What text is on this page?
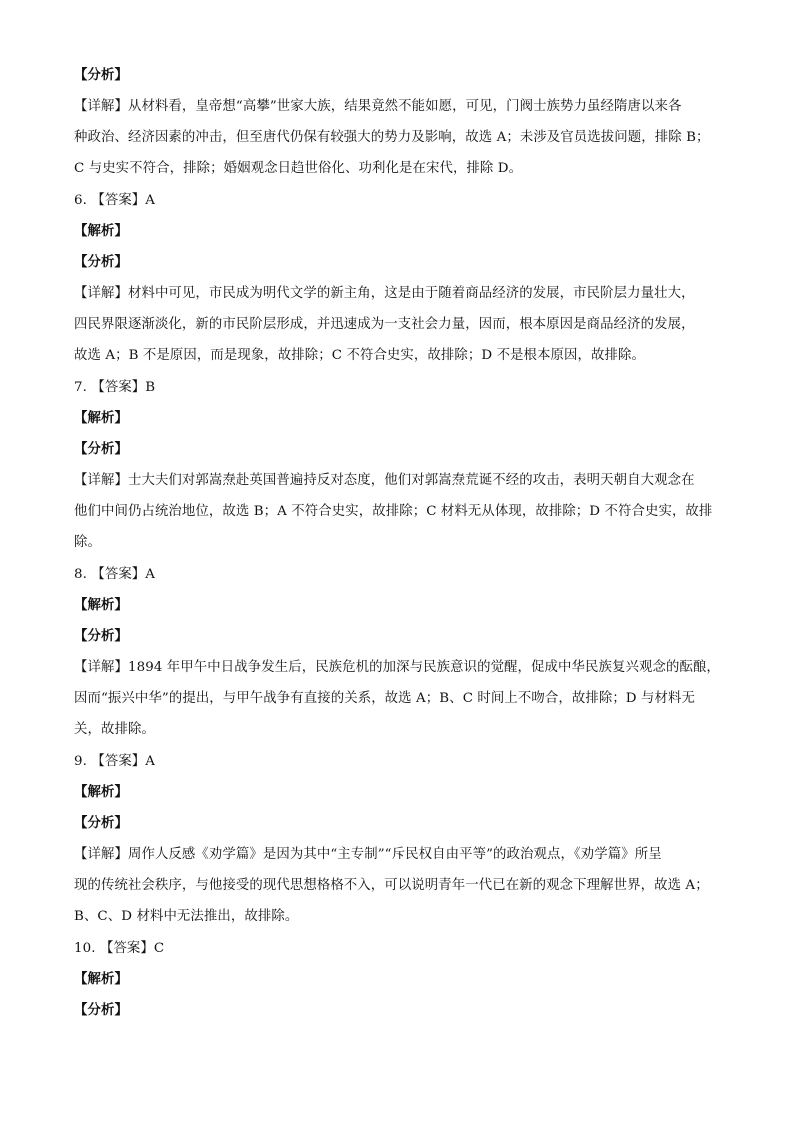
【分析】
【详解】从材料看，皇帝想“高攀”世家大族，结果竟然不能如愿，可见，门阀士族势力虽经隋唐以来各
种政治、经济因素的冲击，但至唐代仍保有较强大的势力及影响，故选 A；未涉及官员选拔问题，排除 B；
C 与史实不符合，排除；婚姻观念日趋世俗化、功利化是在宋代，排除 D。
6. 【答案】A
【解析】
【分析】
【详解】材料中可见，市民成为明代文学的新主角，这是由于随着商品经济的发展，市民阶层力量壮大，
四民界限逐渐淡化，新的市民阶层形成，并迅速成为一支社会力量，因而，根本原因是商品经济的发展，
故选 A；B 不是原因，而是现象，故排除；C 不符合史实，故排除；D 不是根本原因，故排除。
7. 【答案】B
【解析】
【分析】
【详解】士大夫们对郭嵩焘赴英国普遍持反对态度，他们对郭嵩焘荒诞不经的攻击，表明天朝自大观念在
他们中间仍占统治地位，故选 B；A 不符合史实，故排除；C 材料无从体现，故排除；D 不符合史实，故排
除。
8. 【答案】A
【解析】
【分析】
【详解】1894 年甲午中日战争发生后，民族危机的加深与民族意识的觉醒，促成中华民族复兴观念的酝酿，
因而“振兴中华”的提出，与甲午战争有直接的关系，故选 A；B、C 时间上不吻合，故排除；D 与材料无
关，故排除。
9. 【答案】A
【解析】
【分析】
【详解】周作人反感《劝学篇》是因为其中“主专制”“斥民权自由平等”的政治观点，《劝学篇》所呈
现的传统社会秩序，与他接受的现代思想格格不入，可以说明青年一代已在新的观念下理解世界，故选 A；
B、C、D 材料中无法推出，故排除。
10. 【答案】C
【解析】
【分析】
